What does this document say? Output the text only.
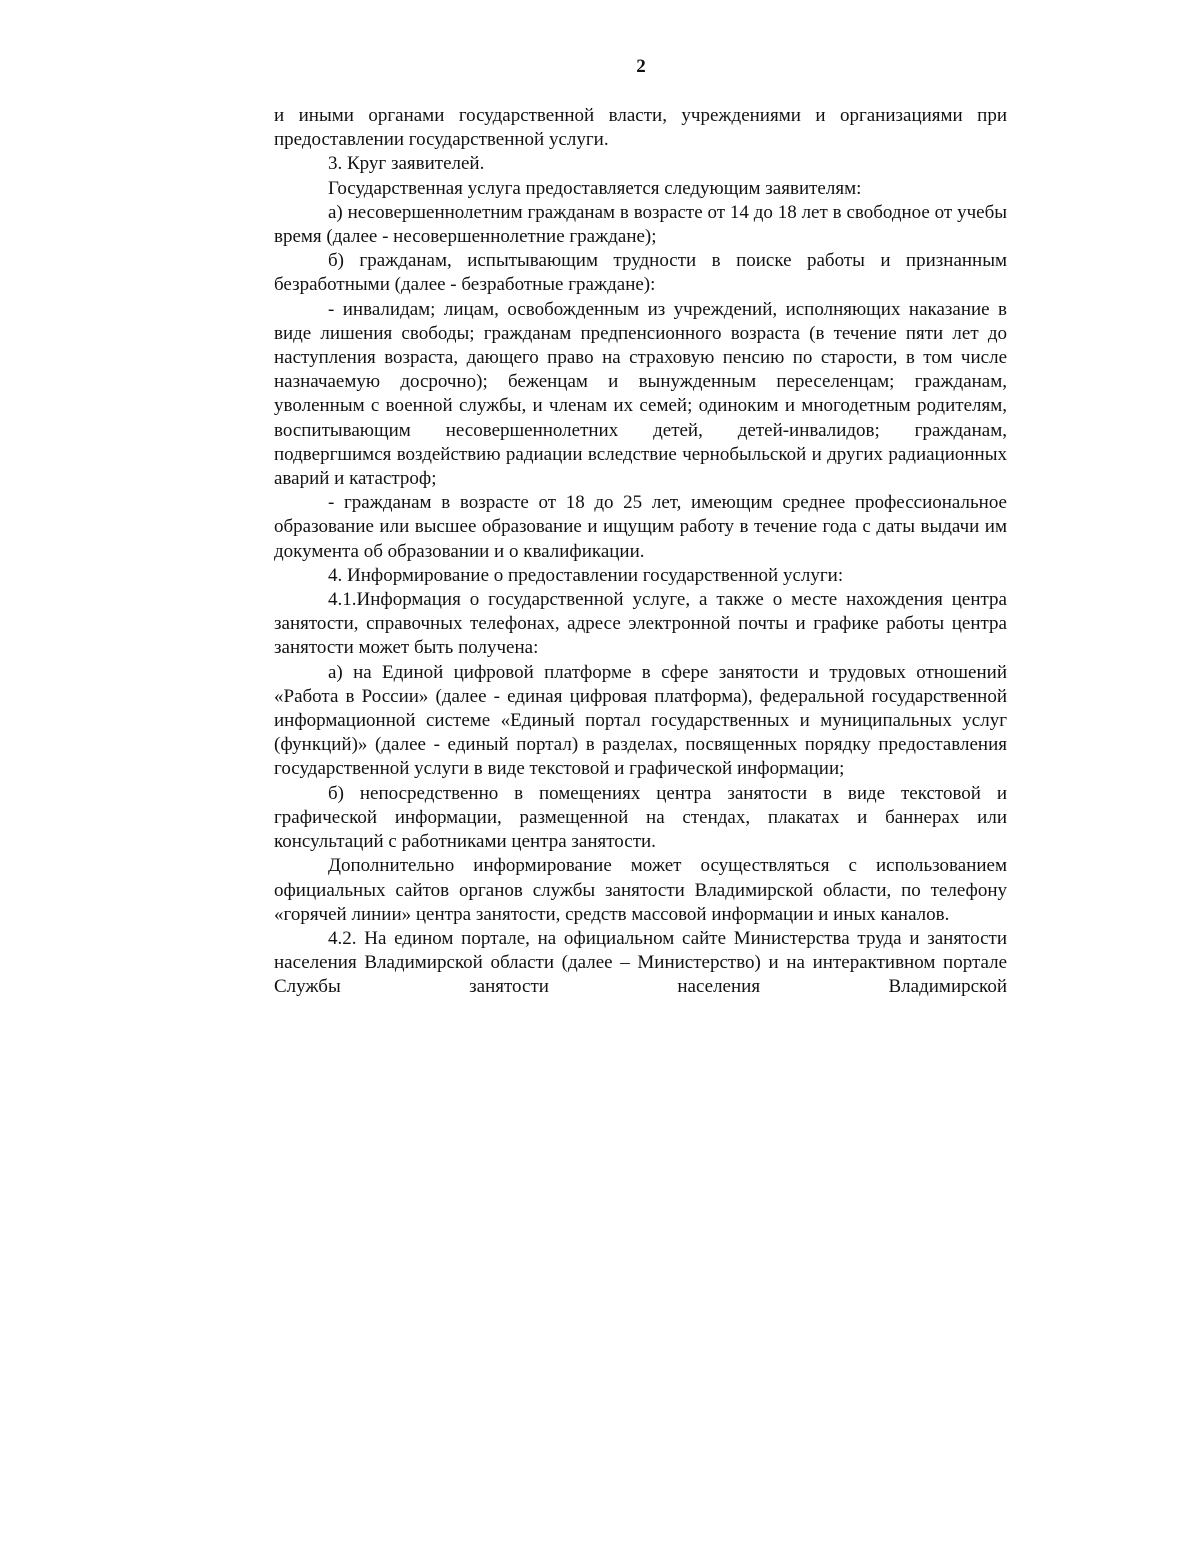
2

и иными органами государственной власти, учреждениями и организациями при предоставлении государственной услуги.

3. Круг заявителей.

Государственная услуга предоставляется следующим заявителям:

а) несовершеннолетним гражданам в возрасте от 14 до 18 лет в свободное от учебы время (далее - несовершеннолетние граждане);

б) гражданам, испытывающим трудности в поиске работы и признанным безработными (далее - безработные граждане):

- инвалидам; лицам, освобожденным из учреждений, исполняющих наказание в виде лишения свободы; гражданам предпенсионного возраста (в течение пяти лет до наступления возраста, дающего право на страховую пенсию по старости, в том числе назначаемую досрочно); беженцам и вынужденным переселенцам; гражданам, уволенным с военной службы, и членам их семей; одиноким и многодетным родителям, воспитывающим несовершеннолетних детей, детей-инвалидов; гражданам, подвергшимся воздействию радиации вследствие чернобыльской и других радиационных аварий и катастроф;

- гражданам в возрасте от 18 до 25 лет, имеющим среднее профессиональное образование или высшее образование и ищущим работу в течение года с даты выдачи им документа об образовании и о квалификации.

4. Информирование о предоставлении государственной услуги:

4.1.Информация о государственной услуге, а также о месте нахождения центра занятости, справочных телефонах, адресе электронной почты и графике работы центра занятости может быть получена:

а) на Единой цифровой платформе в сфере занятости и трудовых отношений «Работа в России» (далее - единая цифровая платформа), федеральной государственной информационной системе «Единый портал государственных и муниципальных услуг (функций)» (далее - единый портал) в разделах, посвященных порядку предоставления государственной услуги в виде текстовой и графической информации;

б) непосредственно в помещениях центра занятости в виде текстовой и графической информации, размещенной на стендах, плакатах и баннерах или консультаций с работниками центра занятости.

Дополнительно информирование может осуществляться с использованием официальных сайтов органов службы занятости Владимирской области, по телефону «горячей линии» центра занятости, средств массовой информации и иных каналов.

4.2. На едином портале, на официальном сайте Министерства труда и занятости населения Владимирской области (далее – Министерство) и на интерактивном портале Службы занятости населения Владимирской
